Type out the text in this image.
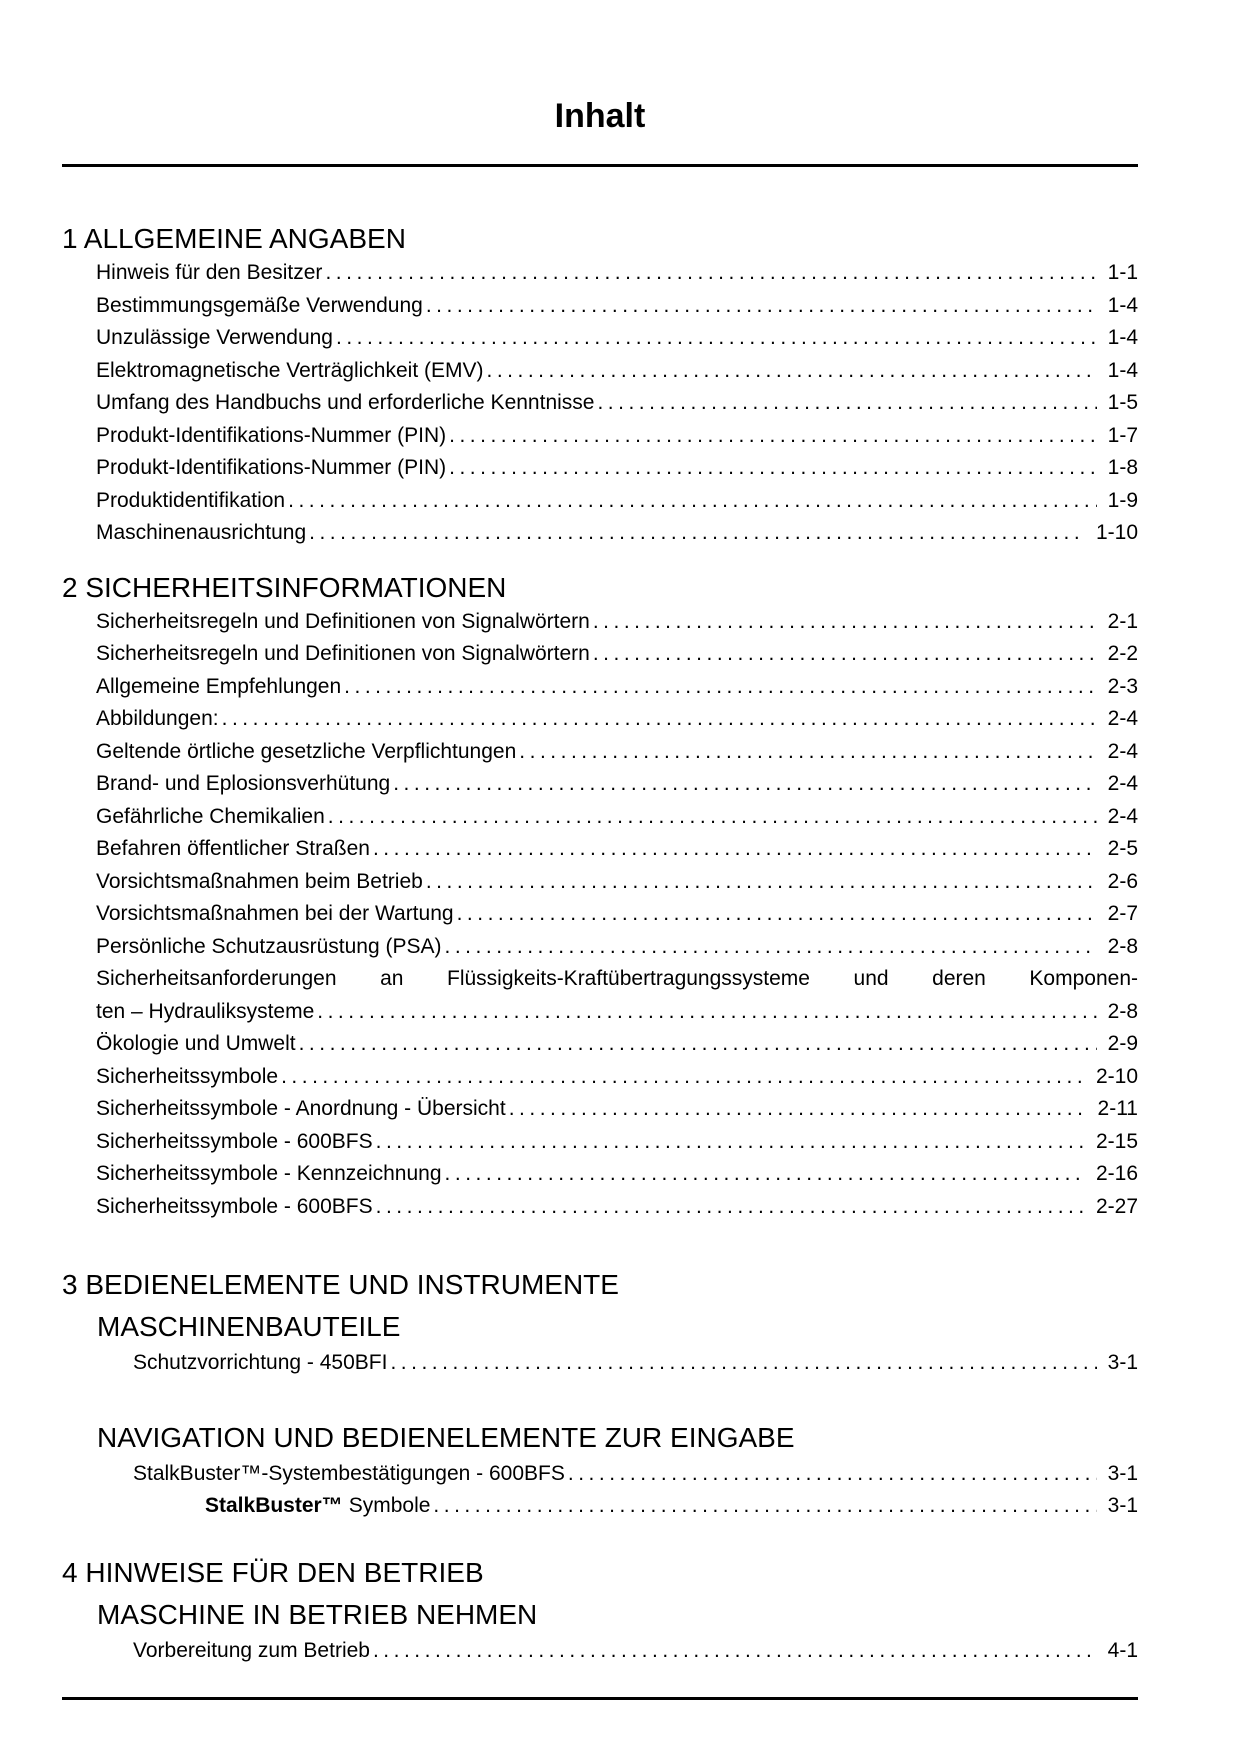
Inhalt
1 ALLGEMEINE ANGABEN
Hinweis für den Besitzer .....	1-1
Bestimmungsgemäße Verwendung .....	1-4
Unzulässige Verwendung .....	1-4
Elektromagnetische Verträglichkeit (EMV) .....	1-4
Umfang des Handbuchs und erforderliche Kenntnisse .....	1-5
Produkt-Identifikations-Nummer (PIN) .....	1-7
Produkt-Identifikations-Nummer (PIN) .....	1-8
Produktidentifikation .....	1-9
Maschinenausrichtung .....	1-10
2 SICHERHEITSINFORMATIONEN
Sicherheitsregeln und Definitionen von Signalwörtern .....	2-1
Sicherheitsregeln und Definitionen von Signalwörtern .....	2-2
Allgemeine Empfehlungen .....	2-3
Abbildungen: .....	2-4
Geltende örtliche gesetzliche Verpflichtungen .....	2-4
Brand- und Eplosionsverhütung .....	2-4
Gefährliche Chemikalien .....	2-4
Befahren öffentlicher Straßen .....	2-5
Vorsichtsmaßnahmen beim Betrieb .....	2-6
Vorsichtsmaßnahmen bei der Wartung .....	2-7
Persönliche Schutzausrüstung (PSA) .....	2-8
Sicherheitsanforderungen an Flüssigkeits-Kraftübertragungssysteme und deren Komponen-
ten – Hydrauliksysteme .....	2-8
Ökologie und Umwelt .....	2-9
Sicherheitssymbole .....	2-10
Sicherheitssymbole - Anordnung - Übersicht .....	2-11
Sicherheitssymbole - 600BFS .....	2-15
Sicherheitssymbole - Kennzeichnung .....	2-16
Sicherheitssymbole - 600BFS .....	2-27
3 BEDIENELEMENTE UND INSTRUMENTE
MASCHINENBAUTEILE
Schutzvorrichtung - 450BFI .....	3-1
NAVIGATION UND BEDIENELEMENTE ZUR EINGABE
StalkBuster™-Systembestätigungen - 600BFS .....	3-1
StalkBuster™ Symbole .....	3-1
4 HINWEISE FÜR DEN BETRIEB
MASCHINE IN BETRIEB NEHMEN
Vorbereitung zum Betrieb .....	4-1
